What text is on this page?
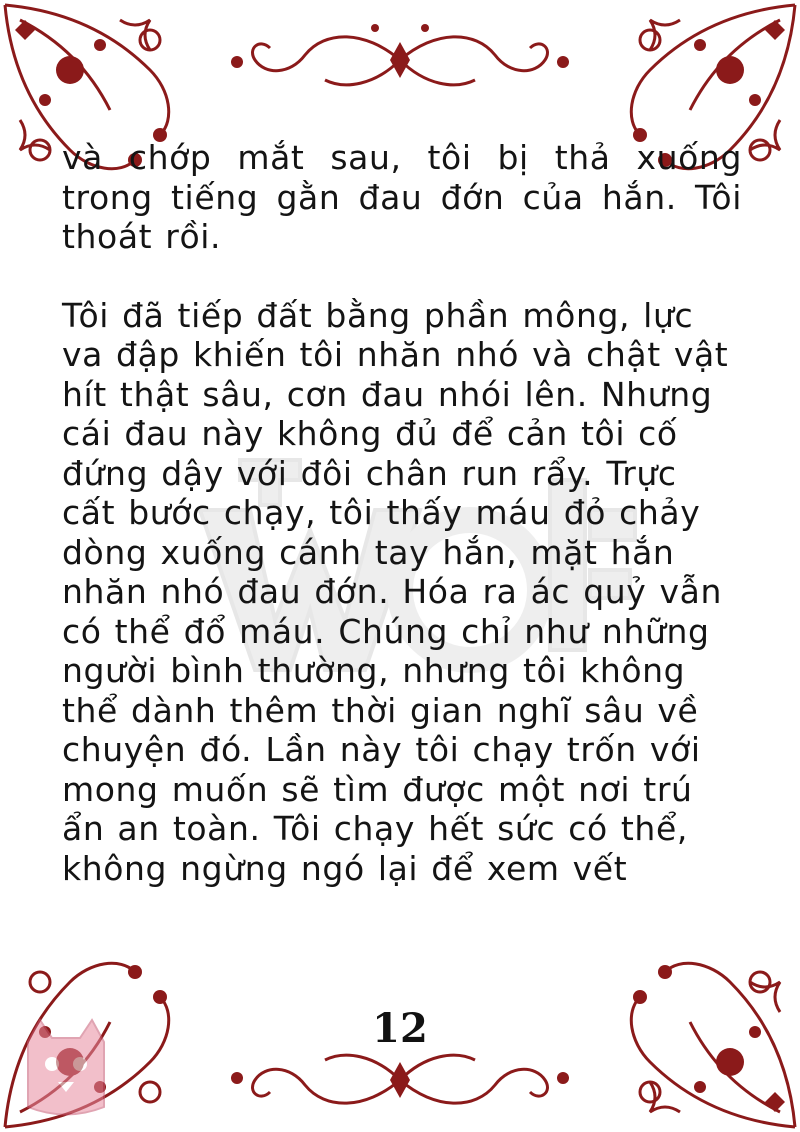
và chớp mắt sau, tôi bị thả xuống trong tiếng gằn đau đớn của hắn. Tôi thoát rồi.

Tôi đã tiếp đất bằng phần mông, lực va đập khiến tôi nhăn nhó và chật vật hít thật sâu, cơn đau nhói lên. Nhưng cái đau này không đủ để cản tôi cố đứng dậy với đôi chân run rẩy. Trực cất bước chạy, tôi thấy máu đỏ chảy dòng xuống cánh tay hắn, mặt hắn nhăn nhó đau đớn. Hóa ra ác quỷ vẫn có thể đổ máu. Chúng chỉ như những người bình thường, nhưng tôi không thể dành thêm thời gian nghĩ sâu về chuyện đó. Lần này tôi chạy trốn với mong muốn sẽ tìm được một nơi trú ẩn an toàn. Tôi chạy hết sức có thể, không ngừng ngó lại để xem vết

12
